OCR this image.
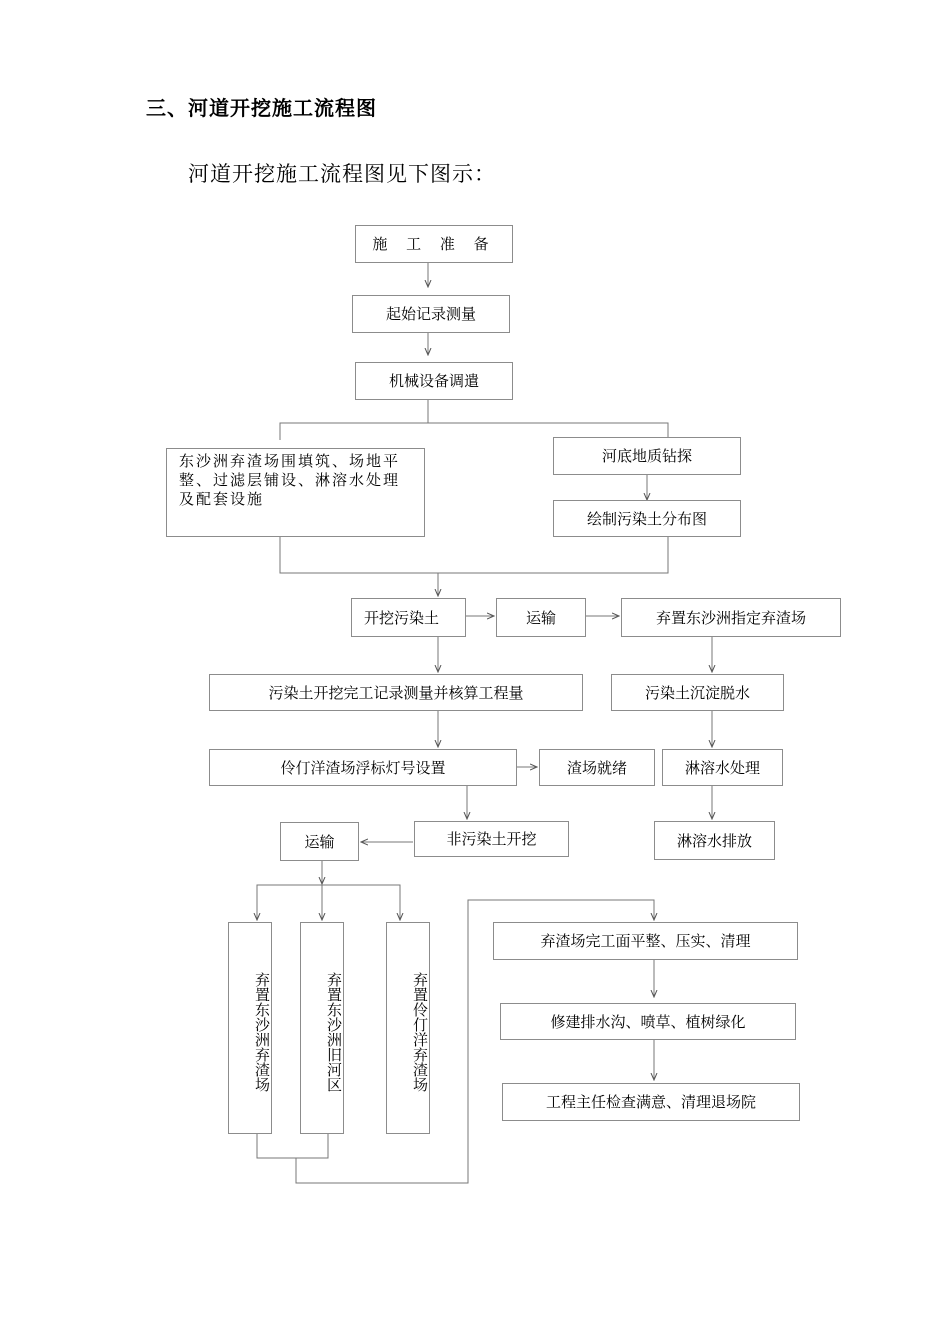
三、河道开挖施工流程图
河道开挖施工流程图见下图示：
施 工 准 备
起始记录测量
机械设备调遣
东沙洲弃渣场围填筑、场地平整、过滤层铺设、淋溶水处理及配套设施
河底地质钻探
绘制污染土分布图
开挖污染土	运输	弃置东沙洲指定弃渣场
污染土开挖完工记录测量并核算工程量	污染土沉淀脱水
伶仃洋渣场浮标灯号设置	渣场就绪	淋溶水处理
非污染土开挖	淋溶水排放
运输
弃置东沙洲弃渣场	弃置东沙洲旧河区	弃置伶仃洋弃渣场
弃渣场完工面平整、压实、清理
修建排水沟、喷草、植树绿化
工程主任检查满意、清理退场院
